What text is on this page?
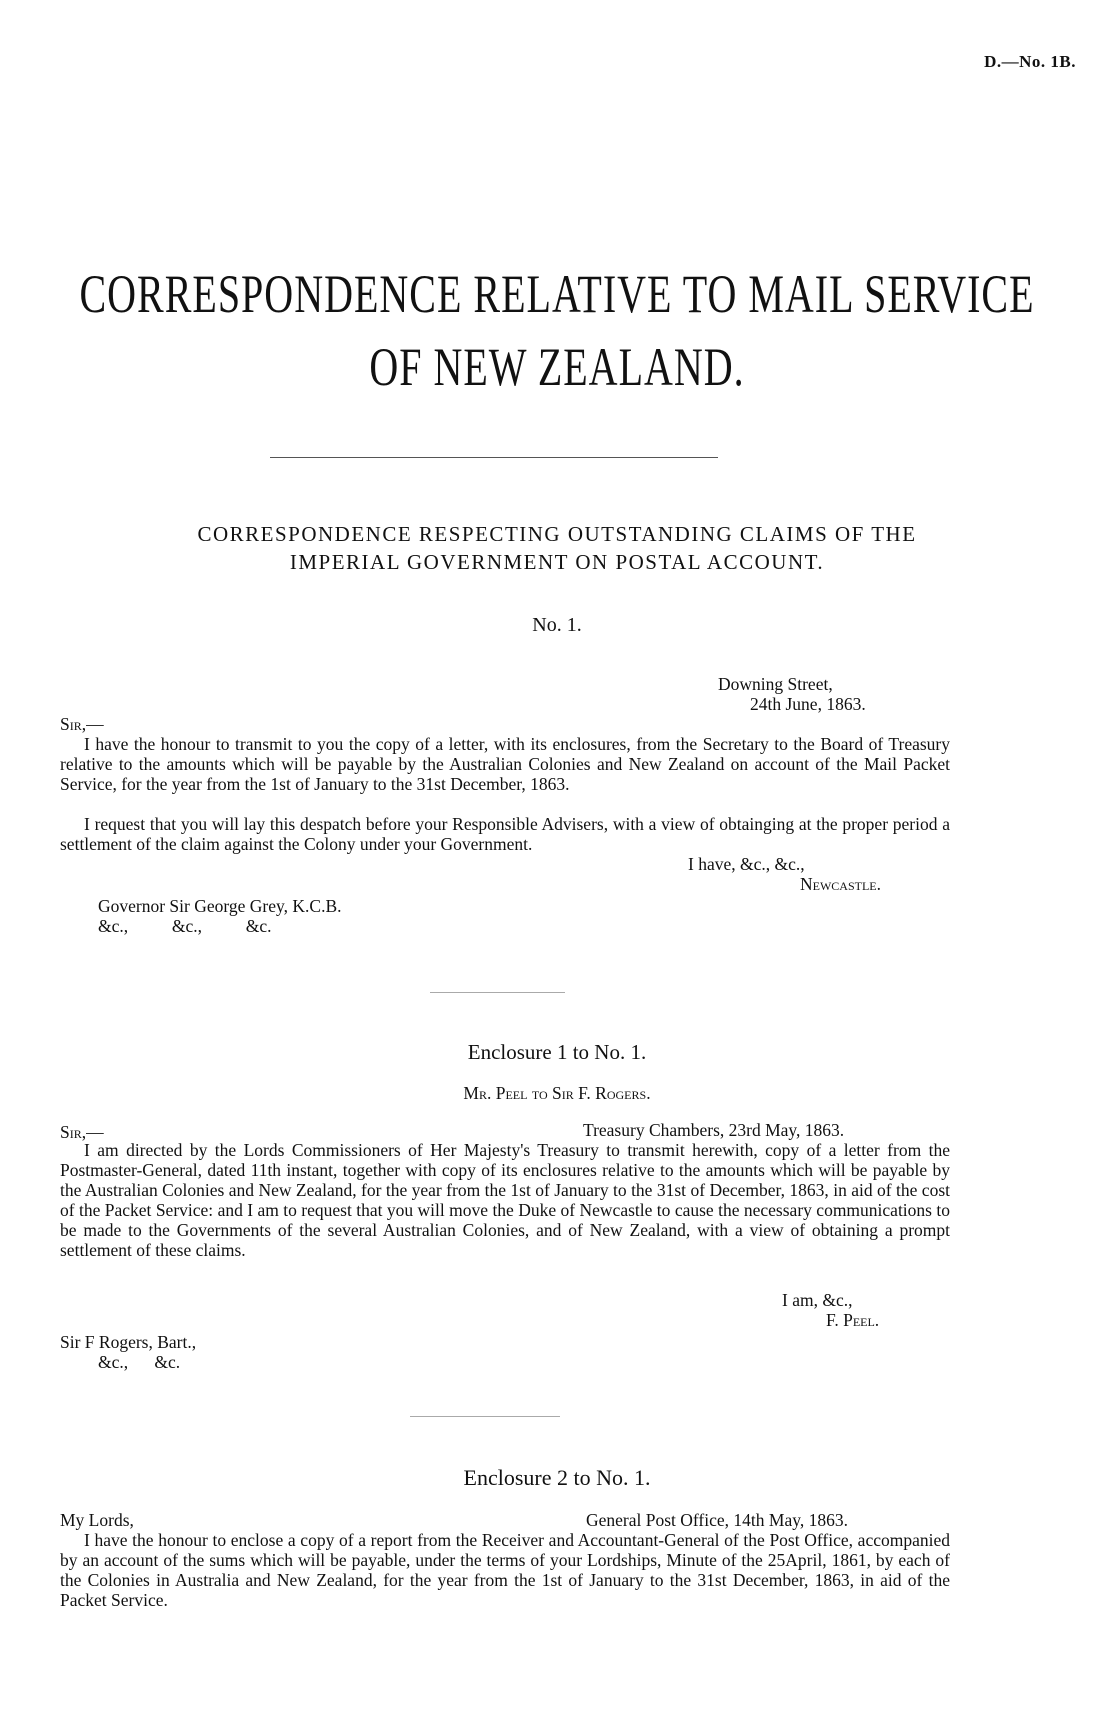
D.—No. 1B.
CORRESPONDENCE RELATIVE TO MAIL SERVICE
OF NEW ZEALAND.
CORRESPONDENCE RESPECTING OUTSTANDING CLAIMS OF THE
IMPERIAL GOVERNMENT ON POSTAL ACCOUNT.
No. 1.
Downing Street,
24th June, 1863.
Sir,—
I have the honour to transmit to you the copy of a letter, with its enclosures, from the Secretary to the Board of Treasury relative to the amounts which will be payable by the Australian Colonies and New Zealand on account of the Mail Packet Service, for the year from the 1st of January to the 31st December, 1863.
I request that you will lay this despatch before your Responsible Advisers, with a view of obtainging at the proper period a settlement of the claim against the Colony under your Government.
I have, &c., &c.,
Newcastle.
Governor Sir George Grey, K.C.B.
&c.,          &c.,          &c.
Enclosure 1 to No. 1.
Mr. Peel to Sir F. Rogers.
Sir,—	Treasury Chambers, 23rd May, 1863.
I am directed by the Lords Commissioners of Her Majesty's Treasury to transmit herewith, copy of a letter from the Postmaster-General, dated 11th instant, together with copy of its enclosures relative to the amounts which will be payable by the Australian Colonies and New Zealand, for the year from the 1st of January to the 31st of December, 1863, in aid of the cost of the Packet Service: and I am to request that you will move the Duke of Newcastle to cause the necessary communications to be made to the Governments of the several Australian Colonies, and of New Zealand, with a view of obtaining a prompt settlement of these claims.
I am, &c.,
F. Peel.
Sir F Rogers, Bart.,
&c.,      &c.
Enclosure 2 to No. 1.
My Lords,	General Post Office, 14th May, 1863.
I have the honour to enclose a copy of a report from the Receiver and Accountant-General of the Post Office, accompanied by an account of the sums which will be payable, under the terms of your Lordships, Minute of the 25April, 1861, by each of the Colonies in Australia and New Zealand, for the year from the 1st of January to the 31st December, 1863, in aid of the Packet Service.
